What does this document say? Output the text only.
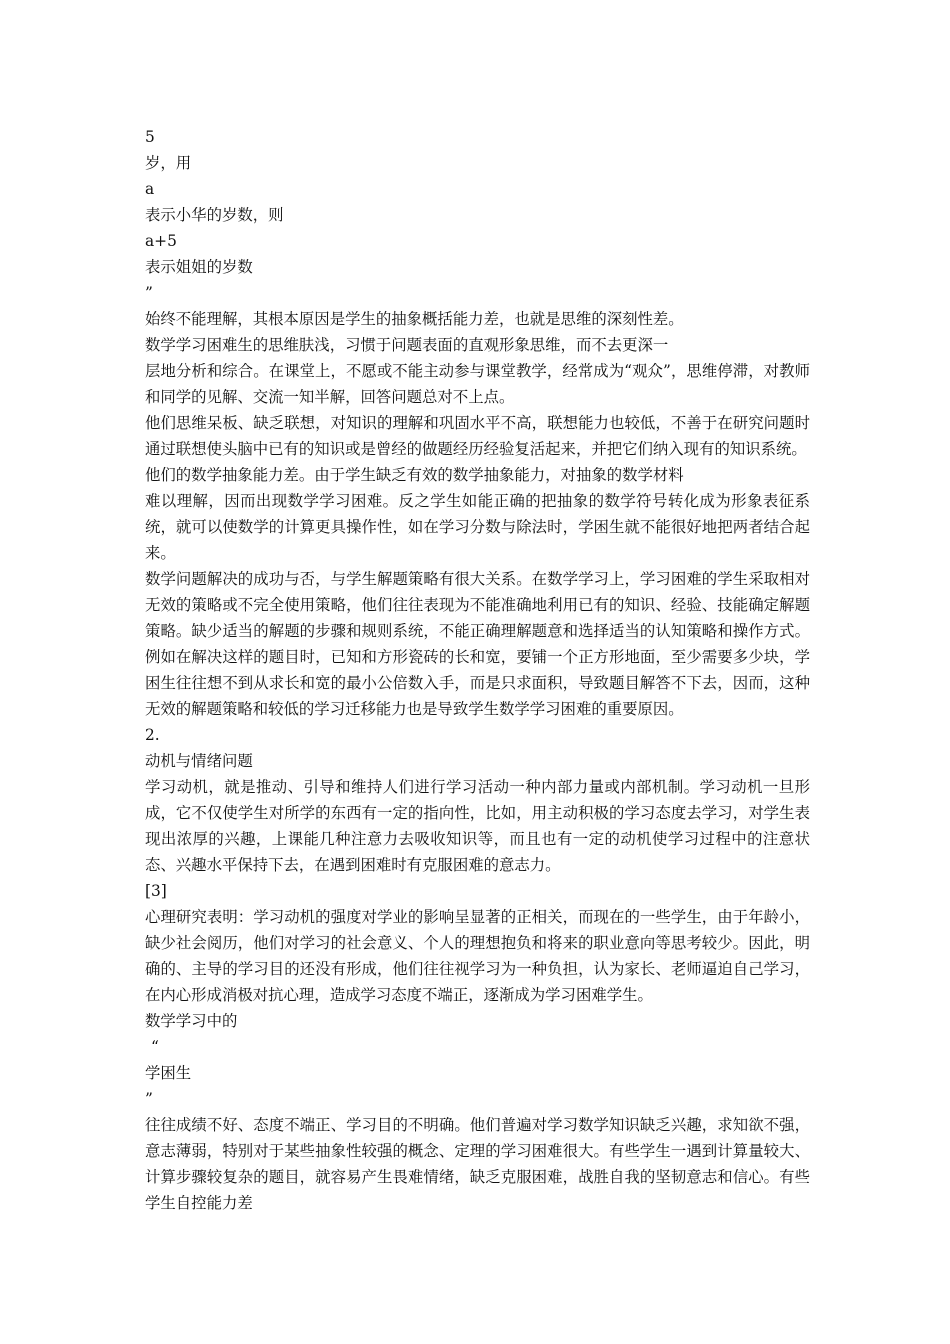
5
岁，用
a
表示小华的岁数，则
a+5
表示姐姐的岁数
”
始终不能理解，其根本原因是学生的抽象概括能力差，也就是思维的深刻性差。
数学学习困难生的思维肤浅，习惯于问题表面的直观形象思维，而不去更深一
层地分析和综合。在课堂上，不愿或不能主动参与课堂教学，经常成为“观众”，思维停滞，对教师和同学的见解、交流一知半解，回答问题总对不上点。
他们思维呆板、缺乏联想，对知识的理解和巩固水平不高，联想能力也较低，不善于在研究问题时通过联想使头脑中已有的知识或是曾经的做题经历经验复活起来，并把它们纳入现有的知识系统。
他们的数学抽象能力差。由于学生缺乏有效的数学抽象能力，对抽象的数学材料
难以理解，因而出现数学学习困难。反之学生如能正确的把抽象的数学符号转化成为形象表征系统，就可以使数学的计算更具操作性，如在学习分数与除法时，学困生就不能很好地把两者结合起来。
数学问题解决的成功与否，与学生解题策略有很大关系。在数学学习上，学习困难的学生采取相对无效的策略或不完全使用策略，他们往往表现为不能准确地利用已有的知识、经验、技能确定解题策略。缺少适当的解题的步骤和规则系统，不能正确理解题意和选择适当的认知策略和操作方式。例如在解决这样的题目时，已知和方形瓷砖的长和宽，要铺一个正方形地面，至少需要多少块，学困生往往想不到从求长和宽的最小公倍数入手，而是只求面积，导致题目解答不下去，因而，这种无效的解题策略和较低的学习迁移能力也是导致学生数学学习困难的重要原因。
2.
动机与情绪问题
学习动机，就是推动、引导和维持人们进行学习活动一种内部力量或内部机制。学习动机一旦形成，它不仅使学生对所学的东西有一定的指向性，比如，用主动积极的学习态度去学习，对学生表现出浓厚的兴趣，上课能几种注意力去吸收知识等，而且也有一定的动机使学习过程中的注意状态、兴趣水平保持下去，在遇到困难时有克服困难的意志力。
[3]
心理研究表明：学习动机的强度对学业的影响呈显著的正相关，而现在的一些学生，由于年龄小，缺少社会阅历，他们对学习的社会意义、个人的理想抱负和将来的职业意向等思考较少。因此，明确的、主导的学习目的还没有形成，他们往往视学习为一种负担，认为家长、老师逼迫自己学习，在内心形成消极对抗心理，造成学习态度不端正，逐渐成为学习困难学生。
数学学习中的
“
学困生
”
往往成绩不好、态度不端正、学习目的不明确。他们普遍对学习数学知识缺乏兴趣，求知欲不强，意志薄弱，特别对于某些抽象性较强的概念、定理的学习困难很大。有些学生一遇到计算量较大、计算步骤较复杂的题目，就容易产生畏难情绪，缺乏克服困难，战胜自我的坚韧意志和信心。有些学生自控能力差
